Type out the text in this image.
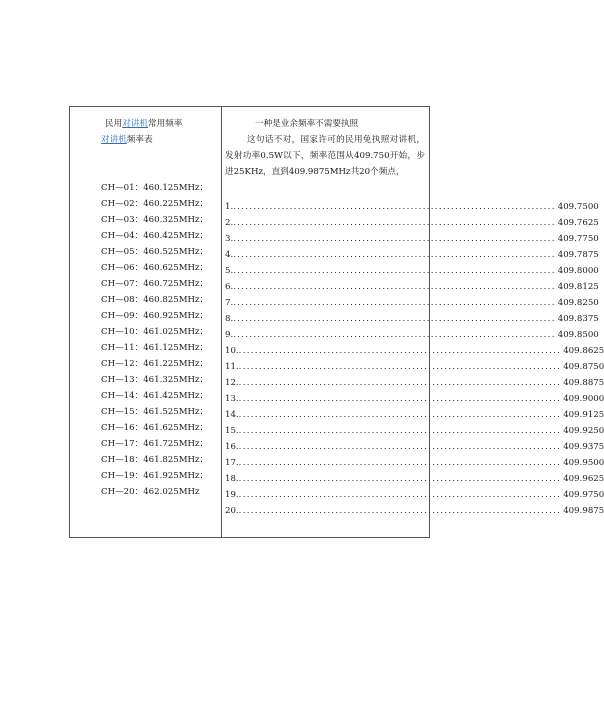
民用对讲机常用频率
对讲机频率表
CH—01：460.125MHz；
CH—02：460.225MHz；
CH—03：460.325MHz；
CH—04：460.425MHz；
CH—05：460.525MHz；
CH—06：460.625MHz；
CH—07：460.725MHz；
CH—08：460.825MHz；
CH—09：460.925MHz；
CH—10：461.025MHz；
CH—11：461.125MHz；
CH—12：461.225MHz；
CH—13：461.325MHz；
CH—14：461.425MHz；
CH—15：461.525MHz；
CH—16：461.625MHz；
CH—17：461.725MHz；
CH—18：461.825MHz；
CH—19：461.925MHz；
CH—20：462.025MHz
一种是业余频率不需要执照

这句话不对，国家许可的民用免执照对讲机，发射功率0.5W以下，频率范围从409.750开始，步进25KHz，直到409.9875MHz共20个频点，

1. ................................................................................ 409.7500
2. ................................................................................ 409.7625
3. ................................................................................ 409.7750
4. ................................................................................ 409.7875
5. ................................................................................ 409.8000
6. ................................................................................ 409.8125
7. ................................................................................ 409.8250
8. ................................................................................ 409.8375
9. ................................................................................ 409.8500
10. ................................................................................ 409.8625
11. ................................................................................ 409.8750
12. ................................................................................ 409.8875
13. ................................................................................ 409.9000
14. ................................................................................ 409.9125
15. ................................................................................ 409.9250
16. ................................................................................ 409.9375
17. ................................................................................ 409.9500
18. ................................................................................ 409.9625
19. ................................................................................ 409.9750
20. ................................................................................ 409.9875
